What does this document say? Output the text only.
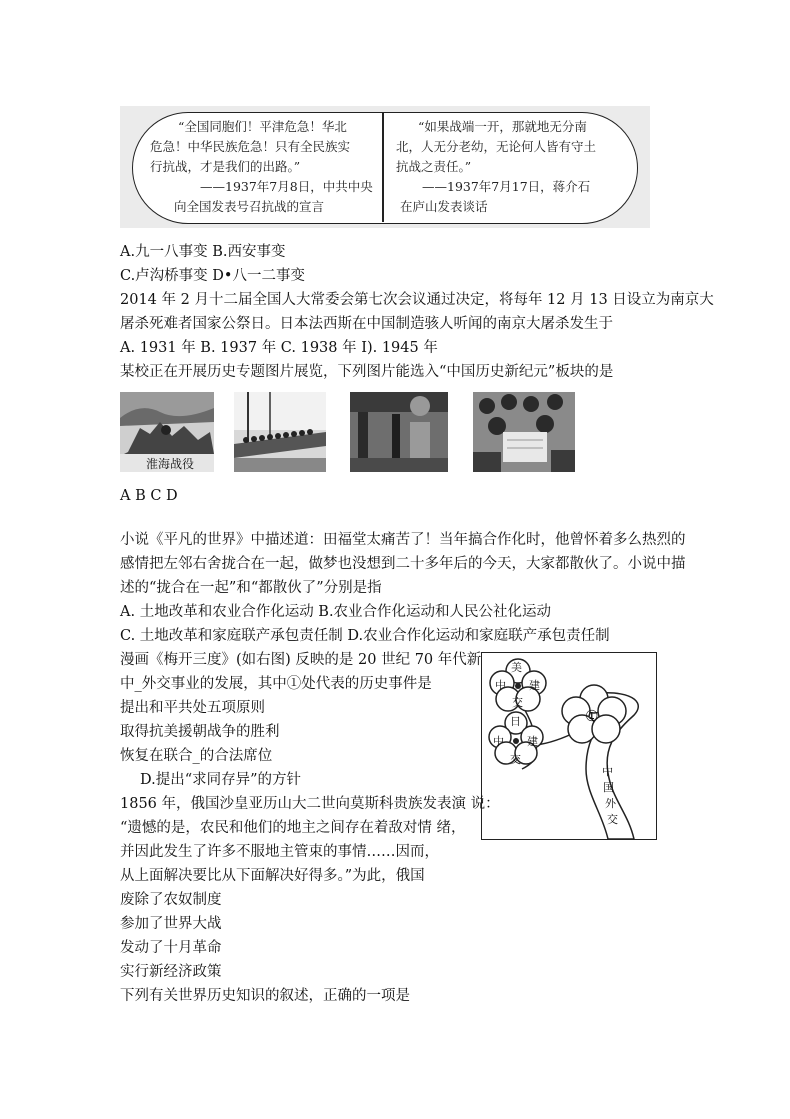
“全国同胞们！平津危急！华北
危急！中华民族危急！只有全民族实
行抗战，才是我们的出路。”
——1937年7月8日，中共中央
向全国发表号召抗战的宣言
“如果战端一开，那就地无分南
北，人无分老幼，无论何人皆有守土
抗战之责任。”
——1937年7月17日，蒋介石
在庐山发表谈话
A.九一八事变 B.西安事变
C.卢沟桥事变 D•八一二事变
2014 年 2 月十二届全国人大常委会第七次会议通过决定，将每年 12 月 13 日设立为南京大
屠杀死难者国家公祭日。日本法西斯在中国制造骇人听闻的南京大屠杀发生于
A. 1931 年 B. 1937 年 C. 1938 年 I). 1945 年
某校正在开展历史专题图片展览，下列图片能选入“中国历史新纪元”板块的是
淮海战役
A B C D
小说《平凡的世界》中描述道：田福堂太痛苦了！当年搞合作化时，他曾怀着多么热烈的
感情把左邻右舍拢合在一起，做梦也没想到二十多年后的今天，大家都散伙了。小说中描
述的“拢合在一起”和“都散伙了”分别是指
A. 土地改革和农业合作化运动 B.农业合作化运动和人民公社化运动
C. 土地改革和家庭联产承包责任制 D.农业合作化运动和家庭联产承包责任制
漫画《梅开三度》(如右图) 反映的是 20 世纪 70 年代新
中_外交事业的发展，其中①处代表的历史事件是
提出和平共处五项原则
取得抗美援朝战争的胜利
恢复在联合_的合法席位
D.提出“求同存异”的方针
美
中 建
交
①
日
中 建
交
中
国
外
交
1856 年，俄国沙皇亚历山大二世向莫斯科贵族发表演 说：
“遗憾的是，农民和他们的地主之间存在着敌对情 绪，
并因此发生了许多不服地主管束的事情……因而，
从上面解决要比从下面解决好得多。”为此，俄国
废除了农奴制度
参加了世界大战
发动了十月革命
实行新经济政策
下列有关世界历史知识的叙述，正确的一项是
